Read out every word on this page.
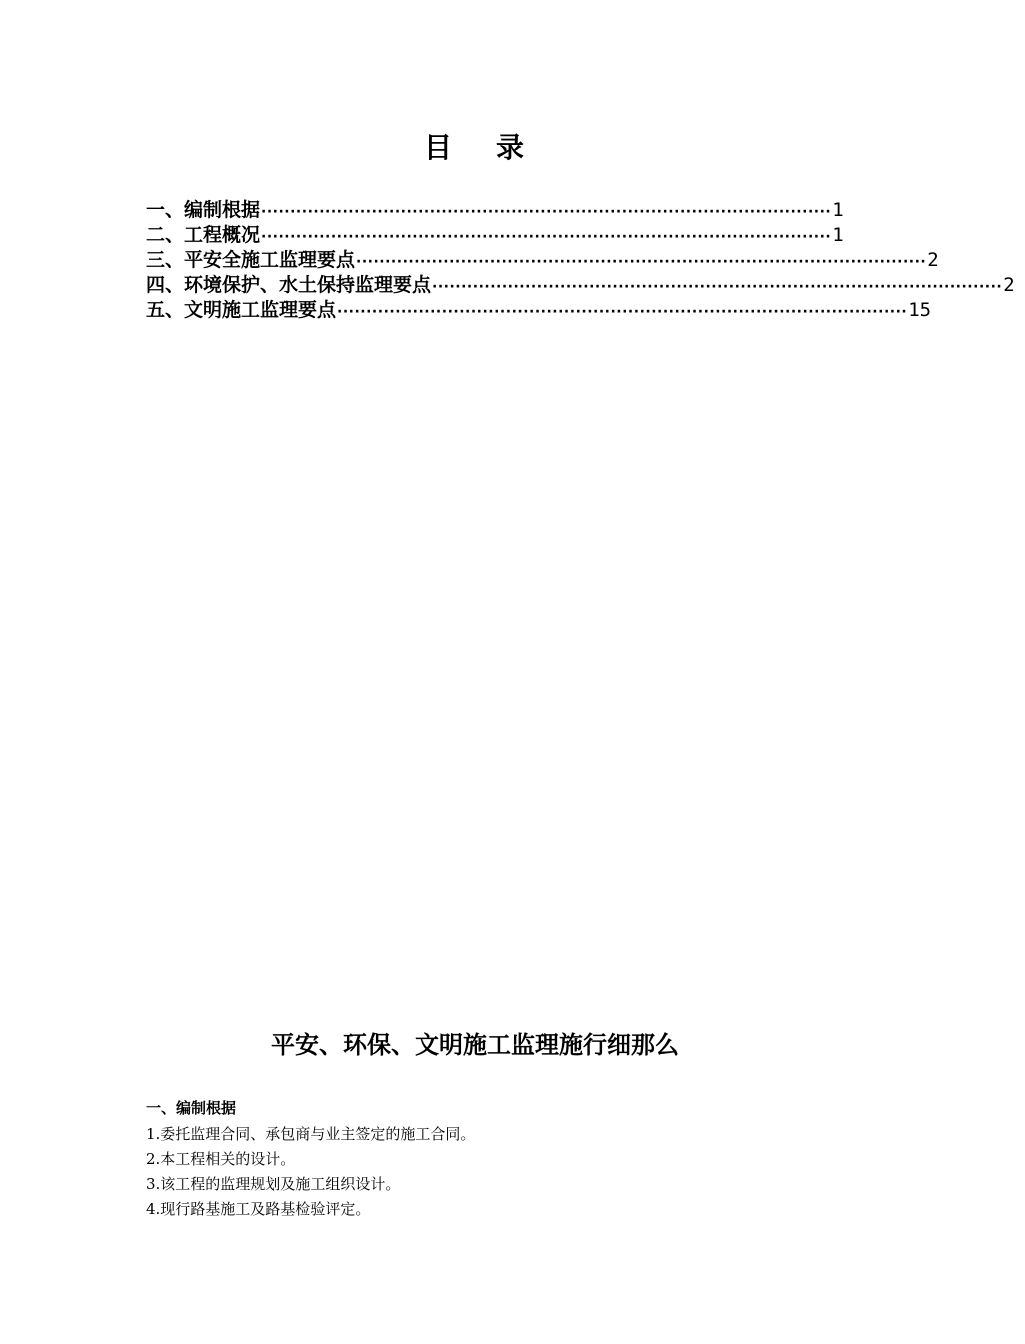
目 录
一、编制根据 ·································································································· 1
二、工程概况 ·································································································· 1
三、平安全施工监理要点 ·································································································· 2
四、环境保护、水土保持监理要点 ·································································································· 2
五、文明施工监理要点 ·································································································· 15
平安、环保、文明施工监理施行细那么
一、编制根据
1.委托监理合同、承包商与业主签定的施工合同。
2.本工程相关的设计。
3.该工程的监理规划及施工组织设计。
4.现行路基施工及路基检验评定。
